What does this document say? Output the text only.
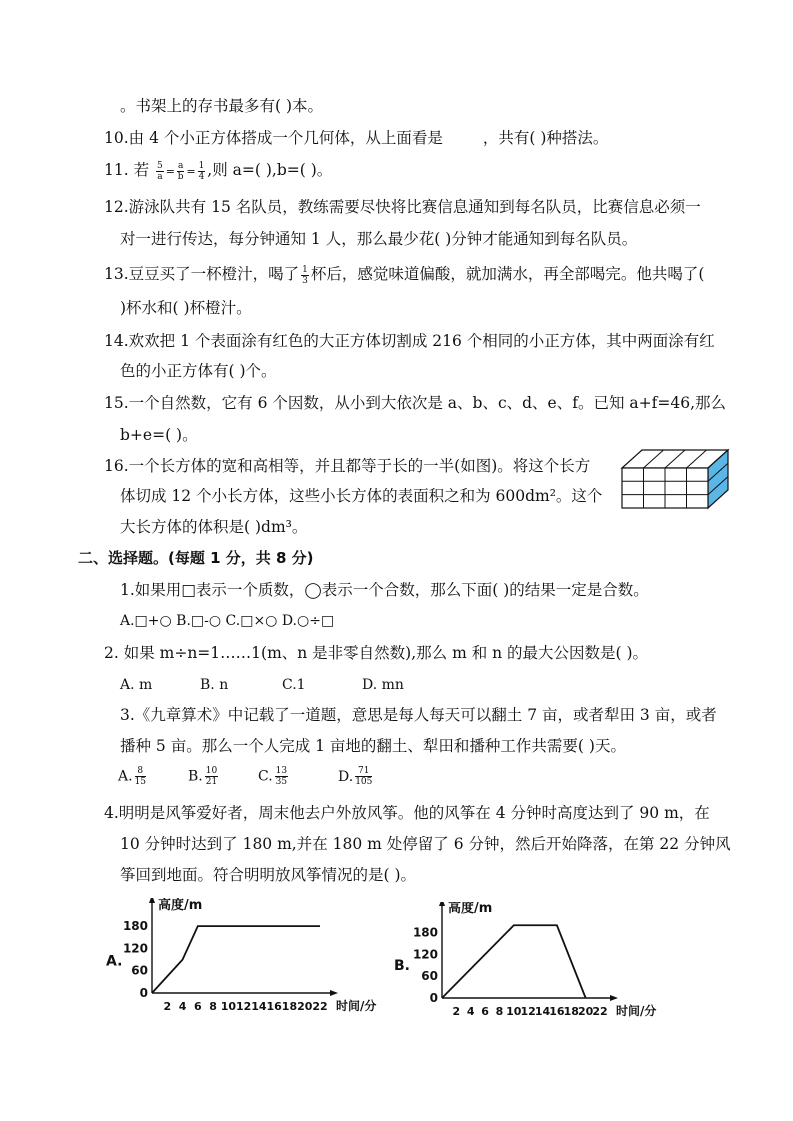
。书架上的存书最多有( )本。
10.由 4 个小正方体搭成一个几何体，从上面看是	，共有( )种搭法。
11. 若 $\frac{5}{a} = \frac{a}{b} = \frac{1}{4}$ ,则 a=( ),b=( )。
12.游泳队共有 15 名队员，教练需要尽快将比赛信息通知到每名队员，比赛信息必须一
对一进行传达，每分钟通知 1 人，那么最少花( )分钟才能通知到每名队员。
13.豆豆买了一杯橙汁，喝了 $\frac{1}{3}$ 杯后，感觉味道偏酸，就加满水，再全部喝完。他共喝了(
)杯水和( )杯橙汁。
14.欢欢把 1 个表面涂有红色的大正方体切割成 216 个相同的小正方体，其中两面涂有红
色的小正方体有( )个。
15.一个自然数，它有 6 个因数，从小到大依次是 a、b、c、d、e、f。已知 a+f=46,那么
b+e=( )。
16.一个长方体的宽和高相等，并且都等于长的一半(如图)。将这个长方
体切成 12 个小长方体，这些小长方体的表面积之和为 600dm²。这个
大长方体的体积是( )dm³。
二、选择题。(每题 1 分，共 8 分)
1.如果用□表示一个质数，◯表示一个合数，那么下面( )的结果一定是合数。
A.□+○ B.□-○ C.□×○ D.○÷□
2. 如果 m÷n=1……1(m、n 是非零自然数),那么 m 和 n 的最大公因数是( )。
A. m	B. n	C.1	D. mn
3.《九章算术》中记载了一道题，意思是每人每天可以翻土 7 亩，或者犁田 3 亩，或者
播种 5 亩。那么一个人完成 1 亩地的翻土、犁田和播种工作共需要( )天。
A. $\frac{8}{15}$	B. $\frac{10}{21}$	C. $\frac{13}{35}$	D. $\frac{71}{105}$
4.明明是风筝爱好者，周末他去户外放风筝。他的风筝在 4 分钟时高度达到了 90 m，在
10 分钟时达到了 180 m,并在 180 m 处停留了 6 分钟，然后开始降落，在第 22 分钟风
筝回到地面。符合明明放风筝情况的是( )。
A.
高度/m
时间/分
0
60
120
180
2 4 6 8 10 12 14 16 18 20 22
B.
高度/m
时间/分
0
60
120
180
2 4 6 8 10 12 14 16 18 20 22
